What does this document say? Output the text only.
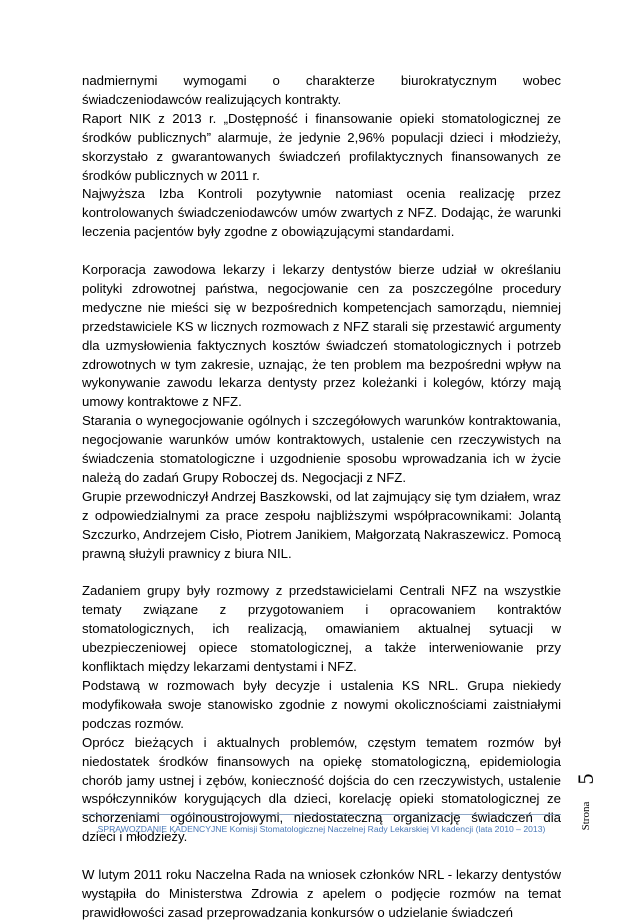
nadmiernymi wymogami o charakterze biurokratycznym wobec świadczeniodawców realizujących kontrakty.

Raport NIK z 2013 r. „Dostępność i finansowanie opieki stomatologicznej ze środków publicznych” alarmuje, że jedynie 2,96% populacji dzieci i młodzieży, skorzystało z gwarantowanych świadczeń profilaktycznych finansowanych ze środków publicznych w 2011 r.

Najwyższa Izba Kontroli pozytywnie natomiast ocenia realizację przez kontrolowanych świadczeniodawców umów zwartych z NFZ. Dodając, że warunki leczenia pacjentów były zgodne z obowiązującymi standardami.

Korporacja zawodowa lekarzy i lekarzy dentystów bierze udział w określaniu polityki zdrowotnej państwa, negocjowanie cen za poszczególne procedury medyczne nie mieści się w bezpośrednich kompetencjach samorządu, niemniej przedstawiciele KS w licznych rozmowach z NFZ starali się przestawić argumenty dla uzmysłowienia faktycznych kosztów świadczeń stomatologicznych i potrzeb zdrowotnych w tym zakresie, uznając, że ten problem ma bezpośredni wpływ na wykonywanie zawodu lekarza dentysty przez koleżanki i kolegów, którzy mają umowy kontraktowe z NFZ.

Starania o wynegocjowanie ogólnych i szczegółowych warunków kontraktowania, negocjowanie warunków umów kontraktowych, ustalenie cen rzeczywistych na świadczenia stomatologiczne i uzgodnienie sposobu wprowadzania ich w życie należą do zadań Grupy Roboczej ds. Negocjacji z NFZ.

Grupie przewodniczył Andrzej Baszkowski, od lat zajmujący się tym działem, wraz z odpowiedzialnymi za prace zespołu najbliższymi współpracownikami: Jolantą Szczurko, Andrzejem Cisło, Piotrem Janikiem, Małgorzatą Nakraszewicz. Pomocą prawną służyli prawnicy z biura NIL.

Zadaniem grupy były rozmowy z przedstawicielami Centrali NFZ na wszystkie tematy związane z przygotowaniem i opracowaniem kontraktów stomatologicznych, ich realizacją, omawianiem aktualnej sytuacji w ubezpieczeniowej opiece stomatologicznej, a także interweniowanie przy konfliktach między lekarzami dentystami i NFZ.

Podstawą w rozmowach były decyzje i ustalenia KS NRL. Grupa niekiedy modyfikowała swoje stanowisko zgodnie z nowymi okolicznościami zaistniałymi podczas rozmów.

Oprócz bieżących i aktualnych problemów, częstym tematem rozmów był niedostatek środków finansowych na opiekę stomatologiczną, epidemiologia chorób jamy ustnej i zębów, konieczność dojścia do cen rzeczywistych, ustalenie współczynników korygujących dla dzieci, korelację opieki stomatologicznej ze schorzeniami ogólnoustrojowymi, niedostateczną organizację świadczeń dla dzieci i młodzieży.

W lutym 2011 roku Naczelna Rada na wniosek członków NRL - lekarzy dentystów wystąpiła do Ministerstwa Zdrowia z apelem o podjęcie rozmów na temat prawidłowości zasad przeprowadzania konkursów o udzielanie świadczeń

5
Strona
SPRAWOZDANIE KADENCYJNE Komisji Stomatologicznej Naczelnej Rady Lekarskiej VI kadencji (lata 2010 – 2013)
